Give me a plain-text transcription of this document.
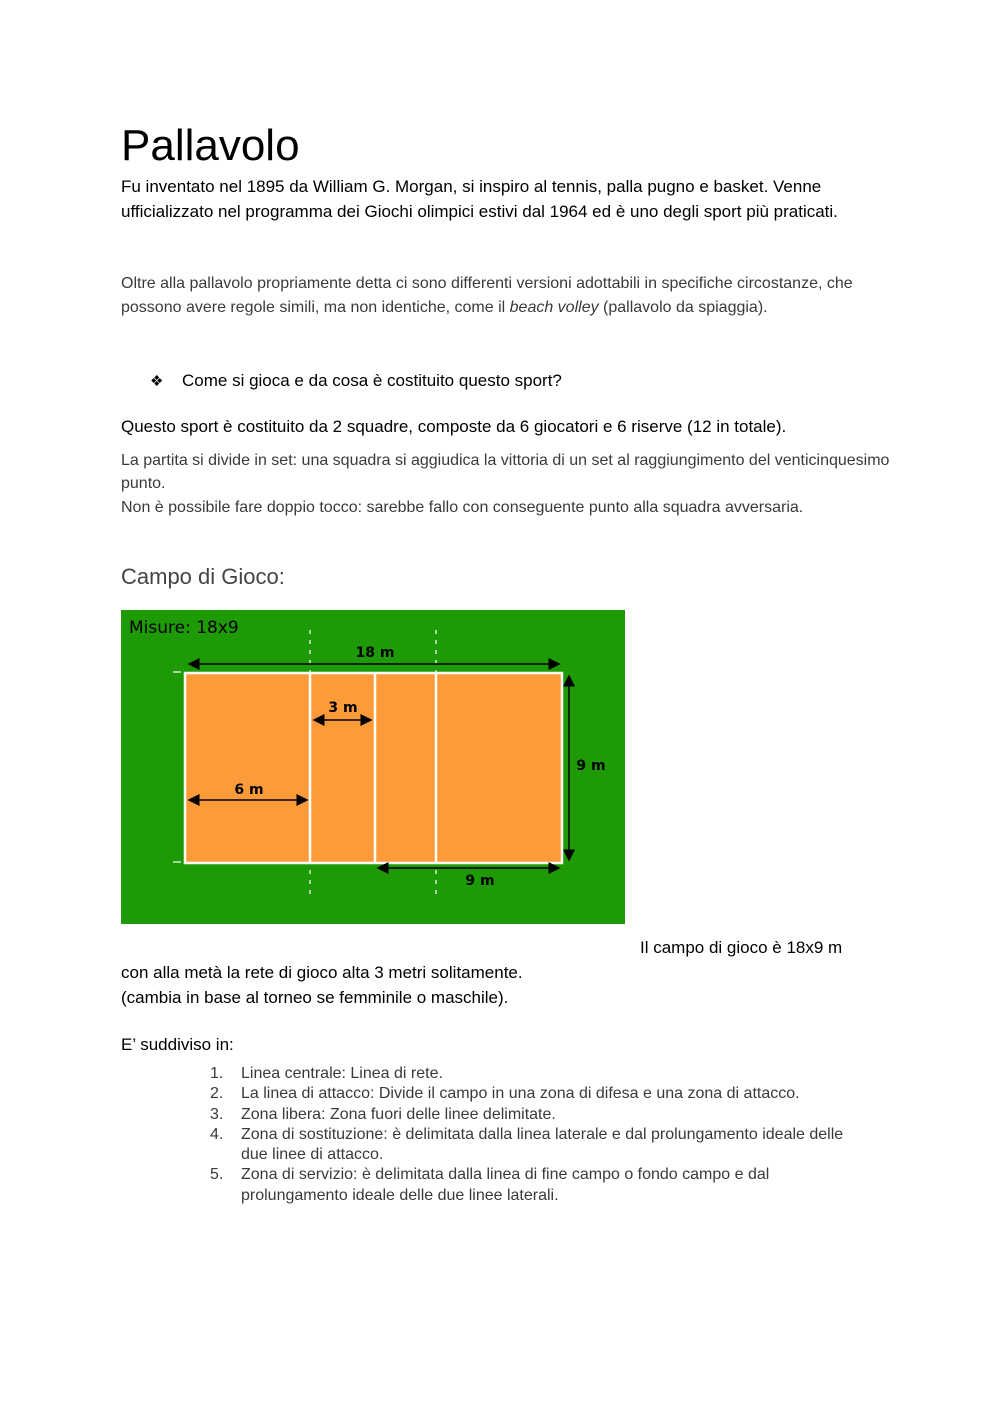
Pallavolo

Fu inventato nel 1895 da William G. Morgan, si inspiro al tennis, palla pugno e basket. Venne ufficializzato nel programma dei Giochi olimpici estivi dal 1964 ed è uno degli sport più praticati.

Oltre alla pallavolo propriamente detta ci sono differenti versioni adottabili in specifiche circostanze, che possono avere regole simili, ma non identiche, come il beach volley (pallavolo da spiaggia).

❖ Come si gioca e da cosa è costituito questo sport?

Questo sport è costituito da 2 squadre, composte da 6 giocatori e 6 riserve (12 in totale).

La partita si divide in set: una squadra si aggiudica la vittoria di un set al raggiungimento del venticinquesimo punto.
Non è possibile fare doppio tocco: sarebbe fallo con conseguente punto alla squadra avversaria.
Campo di Gioco:
18 m
3 m
6 m
9 m
9 m
Misure: 18x9
Il campo di gioco è 18x9 m
con alla metà la rete di gioco alta 3 metri solitamente.
(cambia in base al torneo se femminile o maschile).

E’ suddiviso in:

1. Linea centrale: Linea di rete.
2. La linea di attacco: Divide il campo in una zona di difesa e una zona di attacco.
3. Zona libera: Zona fuori delle linee delimitate.
4. Zona di sostituzione: è delimitata dalla linea laterale e dal prolungamento ideale delle due linee di attacco.
5. Zona di servizio: è delimitata dalla linea di fine campo o fondo campo e dal prolungamento ideale delle due linee laterali.
